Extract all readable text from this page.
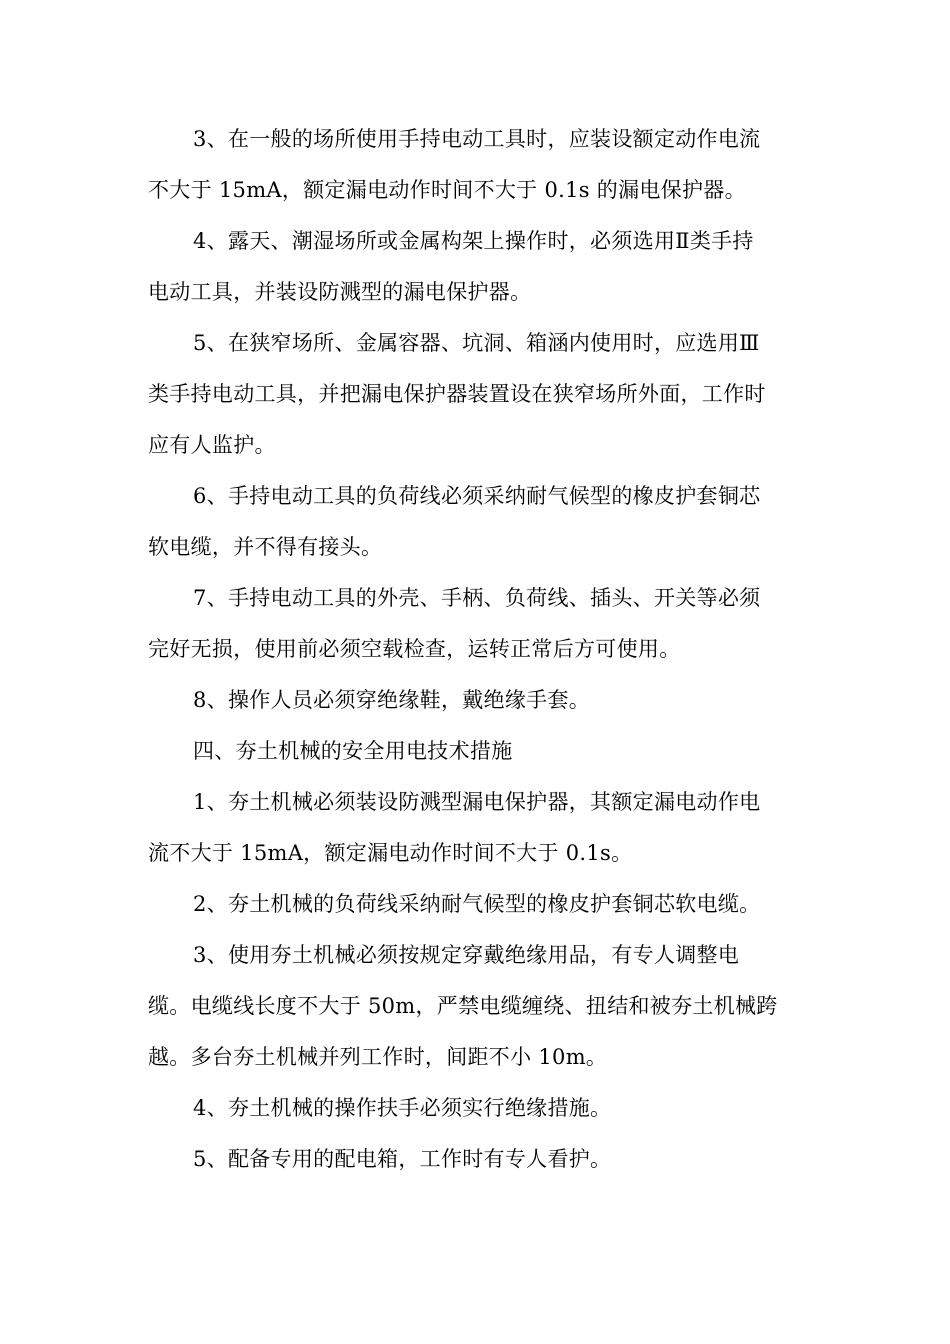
3、在一般的场所使用手持电动工具时，应装设额定动作电流
不大于 15mA，额定漏电动作时间不大于 0.1s 的漏电保护器。
4、露天、潮湿场所或金属构架上操作时，必须选用Ⅱ类手持
电动工具，并装设防溅型的漏电保护器。
5、在狭窄场所、金属容器、坑洞、箱涵内使用时，应选用Ⅲ
类手持电动工具，并把漏电保护器装置设在狭窄场所外面，工作时
应有人监护。
6、手持电动工具的负荷线必须采纳耐气候型的橡皮护套铜芯
软电缆，并不得有接头。
7、手持电动工具的外壳、手柄、负荷线、插头、开关等必须
完好无损，使用前必须空载检查，运转正常后方可使用。
8、操作人员必须穿绝缘鞋，戴绝缘手套。
四、夯土机械的安全用电技术措施
1、夯土机械必须装设防溅型漏电保护器，其额定漏电动作电
流不大于 15mA，额定漏电动作时间不大于 0.1s。
2、夯土机械的负荷线采纳耐气候型的橡皮护套铜芯软电缆。
3、使用夯土机械必须按规定穿戴绝缘用品，有专人调整电
缆。电缆线长度不大于 50m，严禁电缆缠绕、扭结和被夯土机械跨
越。多台夯土机械并列工作时，间距不小 10m。
4、夯土机械的操作扶手必须实行绝缘措施。
5、配备专用的配电箱，工作时有专人看护。
